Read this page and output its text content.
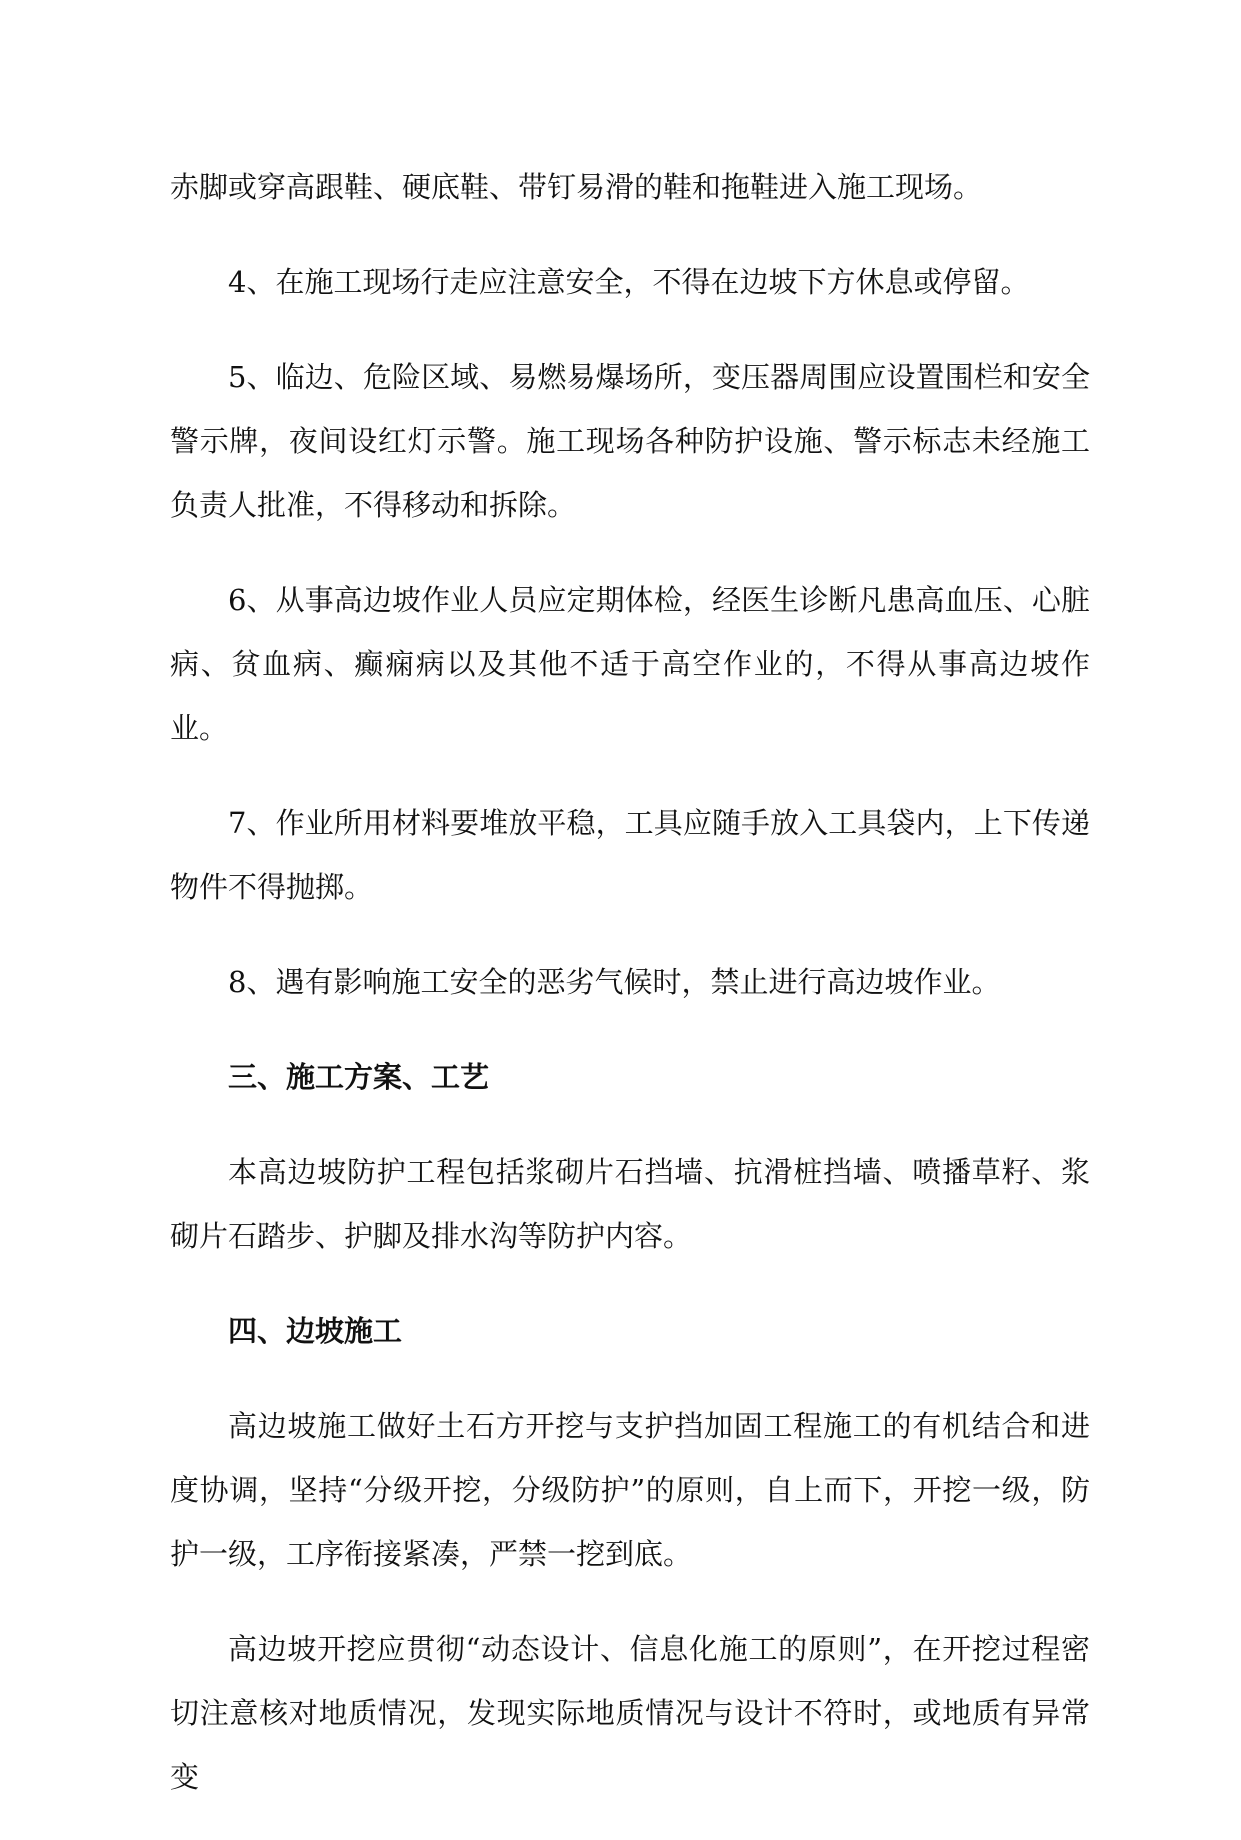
赤脚或穿高跟鞋、硬底鞋、带钉易滑的鞋和拖鞋进入施工现场。

4、在施工现场行走应注意安全，不得在边坡下方休息或停留。

5、临边、危险区域、易燃易爆场所，变压器周围应设置围栏和安全警示牌，夜间设红灯示警。施工现场各种防护设施、警示标志未经施工负责人批准，不得移动和拆除。

6、从事高边坡作业人员应定期体检，经医生诊断凡患高血压、心脏病、贫血病、癫痫病以及其他不适于高空作业的，不得从事高边坡作业。

7、作业所用材料要堆放平稳，工具应随手放入工具袋内，上下传递物件不得抛掷。

8、遇有影响施工安全的恶劣气候时，禁止进行高边坡作业。

三、施工方案、工艺

本高边坡防护工程包括浆砌片石挡墙、抗滑桩挡墙、喷播草籽、浆砌片石踏步、护脚及排水沟等防护内容。

四、边坡施工

高边坡施工做好土石方开挖与支护挡加固工程施工的有机结合和进度协调，坚持“分级开挖，分级防护”的原则，自上而下，开挖一级，防护一级，工序衔接紧凑，严禁一挖到底。

高边坡开挖应贯彻“动态设计、信息化施工的原则”，在开挖过程密切注意核对地质情况，发现实际地质情况与设计不符时，或地质有异常变
